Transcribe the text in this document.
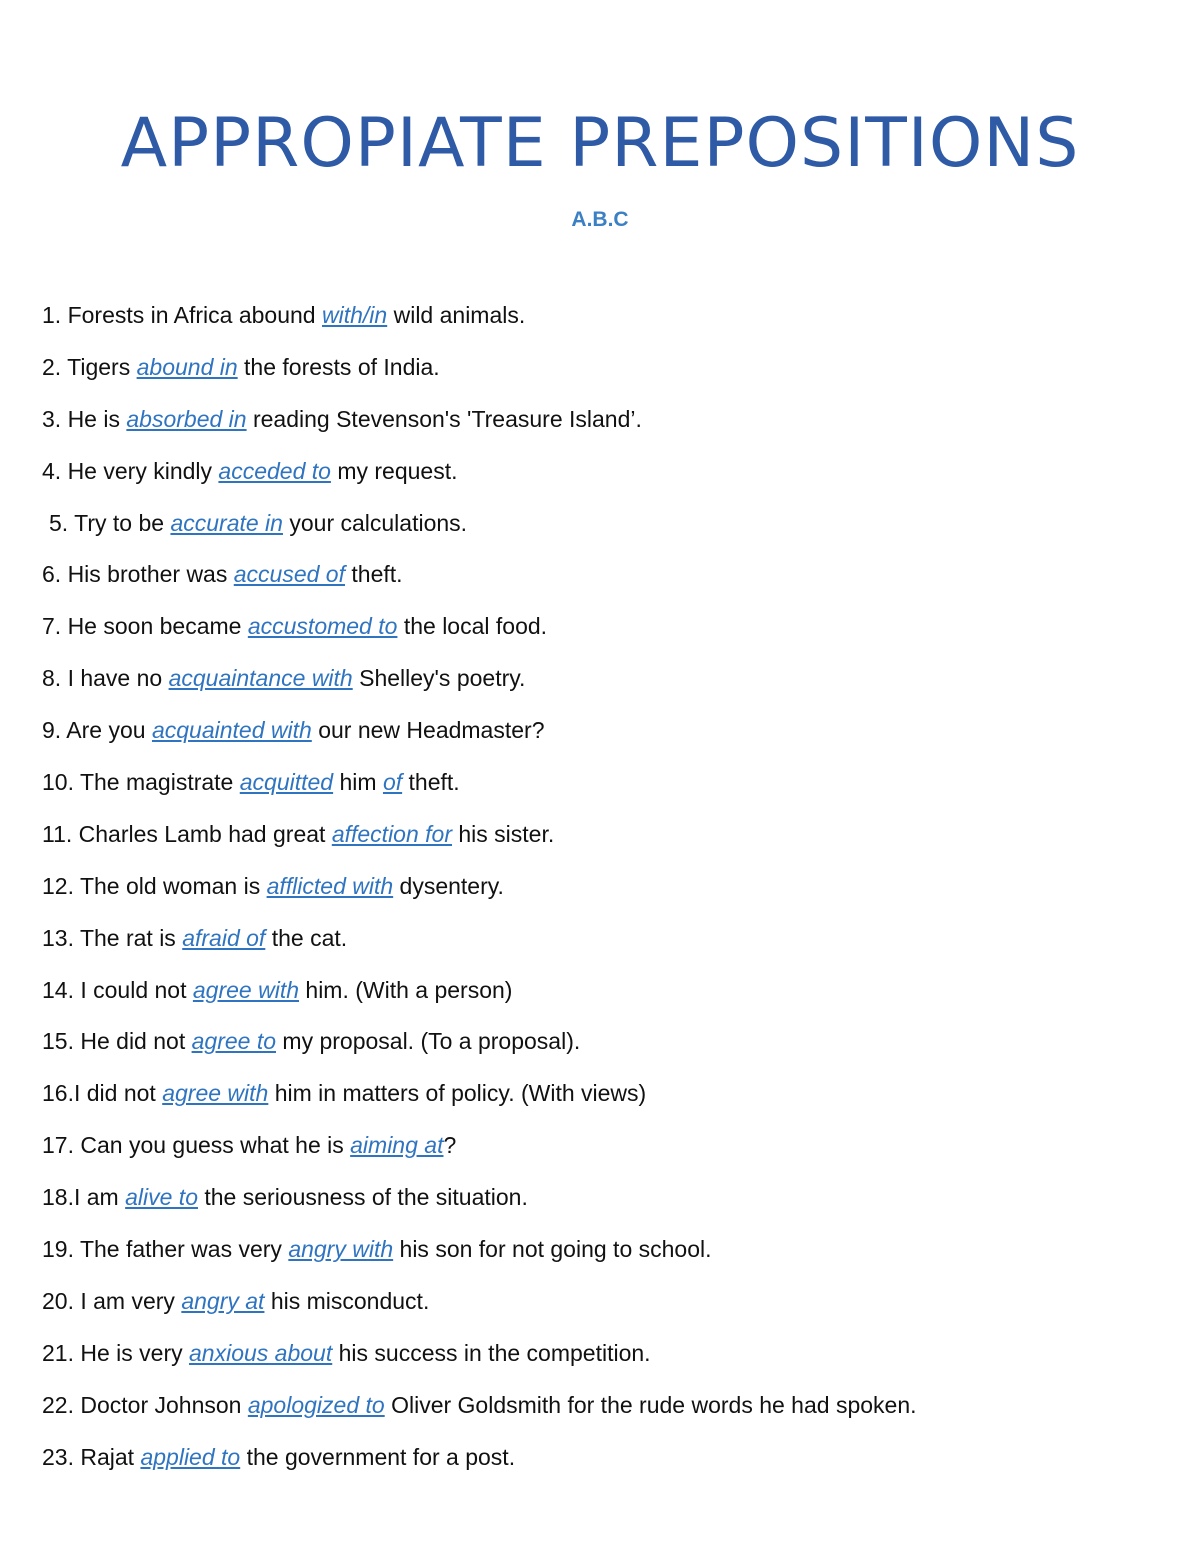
APPROPIATE PREPOSITIONS
A.B.C
1. Forests in Africa abound with/in wild animals.
2. Tigers abound in the forests of India.
3. He is absorbed in reading Stevenson's 'Treasure Island’.
4. He very kindly acceded to my request.
5. Try to be accurate in your calculations.
6. His brother was accused of theft.
7. He soon became accustomed to the local food.
8. I have no acquaintance with Shelley's poetry.
9. Are you acquainted with our new Headmaster?
10. The magistrate acquitted him of theft.
11. Charles Lamb had great affection for his sister.
12. The old woman is afflicted with dysentery.
13. The rat is afraid of the cat.
14. I could not agree with him. (With a person)
15. He did not agree to my proposal. (To a proposal).
16.I did not agree with him in matters of policy. (With views)
17. Can you guess what he is aiming at?
18.I am alive to the seriousness of the situation.
19. The father was very angry with his son for not going to school.
20. I am very angry at his misconduct.
21. He is very anxious about his success in the competition.
22. Doctor Johnson apologized to Oliver Goldsmith for the rude words he had spoken.
23. Rajat applied to the government for a post.
